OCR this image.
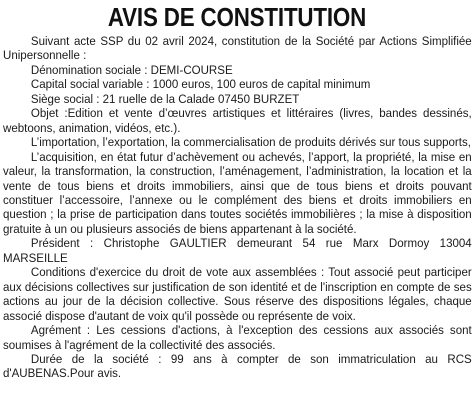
AVIS DE CONSTITUTION

Suivant acte SSP du 02 avril 2024, constitution de la Société par Actions Simplifiée Unipersonnelle :

Dénomination sociale : DEMI-COURSE

Capital social variable : 1000 euros, 100 euros de capital minimum

Siège social : 21 ruelle de la Calade 07450 BURZET

Objet :Edition et vente d’œuvres artistiques et littéraires (livres, bandes dessinés, webtoons, animation, vidéos, etc.).

L’importation, l’exportation, la commercialisation de produits dérivés sur tous supports,

L’acquisition, en état futur d’achèvement ou achevés, l’apport, la propriété, la mise en valeur, la transformation, la construction, l’aménagement, l’administration, la location et la vente de tous biens et droits immobiliers, ainsi que de tous biens et droits pouvant constituer l’accessoire, l’annexe ou le complément des biens et droits immobiliers en question ; la prise de participation dans toutes sociétés immobilières ; la mise à disposition gratuite à un ou plusieurs associés de biens appartenant à la société.

Président : Christophe GAULTIER demeurant 54 rue Marx Dormoy 13004 MARSEILLE

Conditions d'exercice du droit de vote aux assemblées : Tout associé peut participer aux décisions collectives sur justification de son identité et de l'inscription en compte de ses actions au jour de la décision collective. Sous réserve des dispositions légales, chaque associé dispose d'autant de voix qu'il possède ou représente de voix.

Agrément : Les cessions d'actions, à l'exception des cessions aux associés sont soumises à l'agrément de la collectivité des associés.

Durée de la société : 99 ans à compter de son immatriculation au RCS d'AUBENAS.Pour avis.
